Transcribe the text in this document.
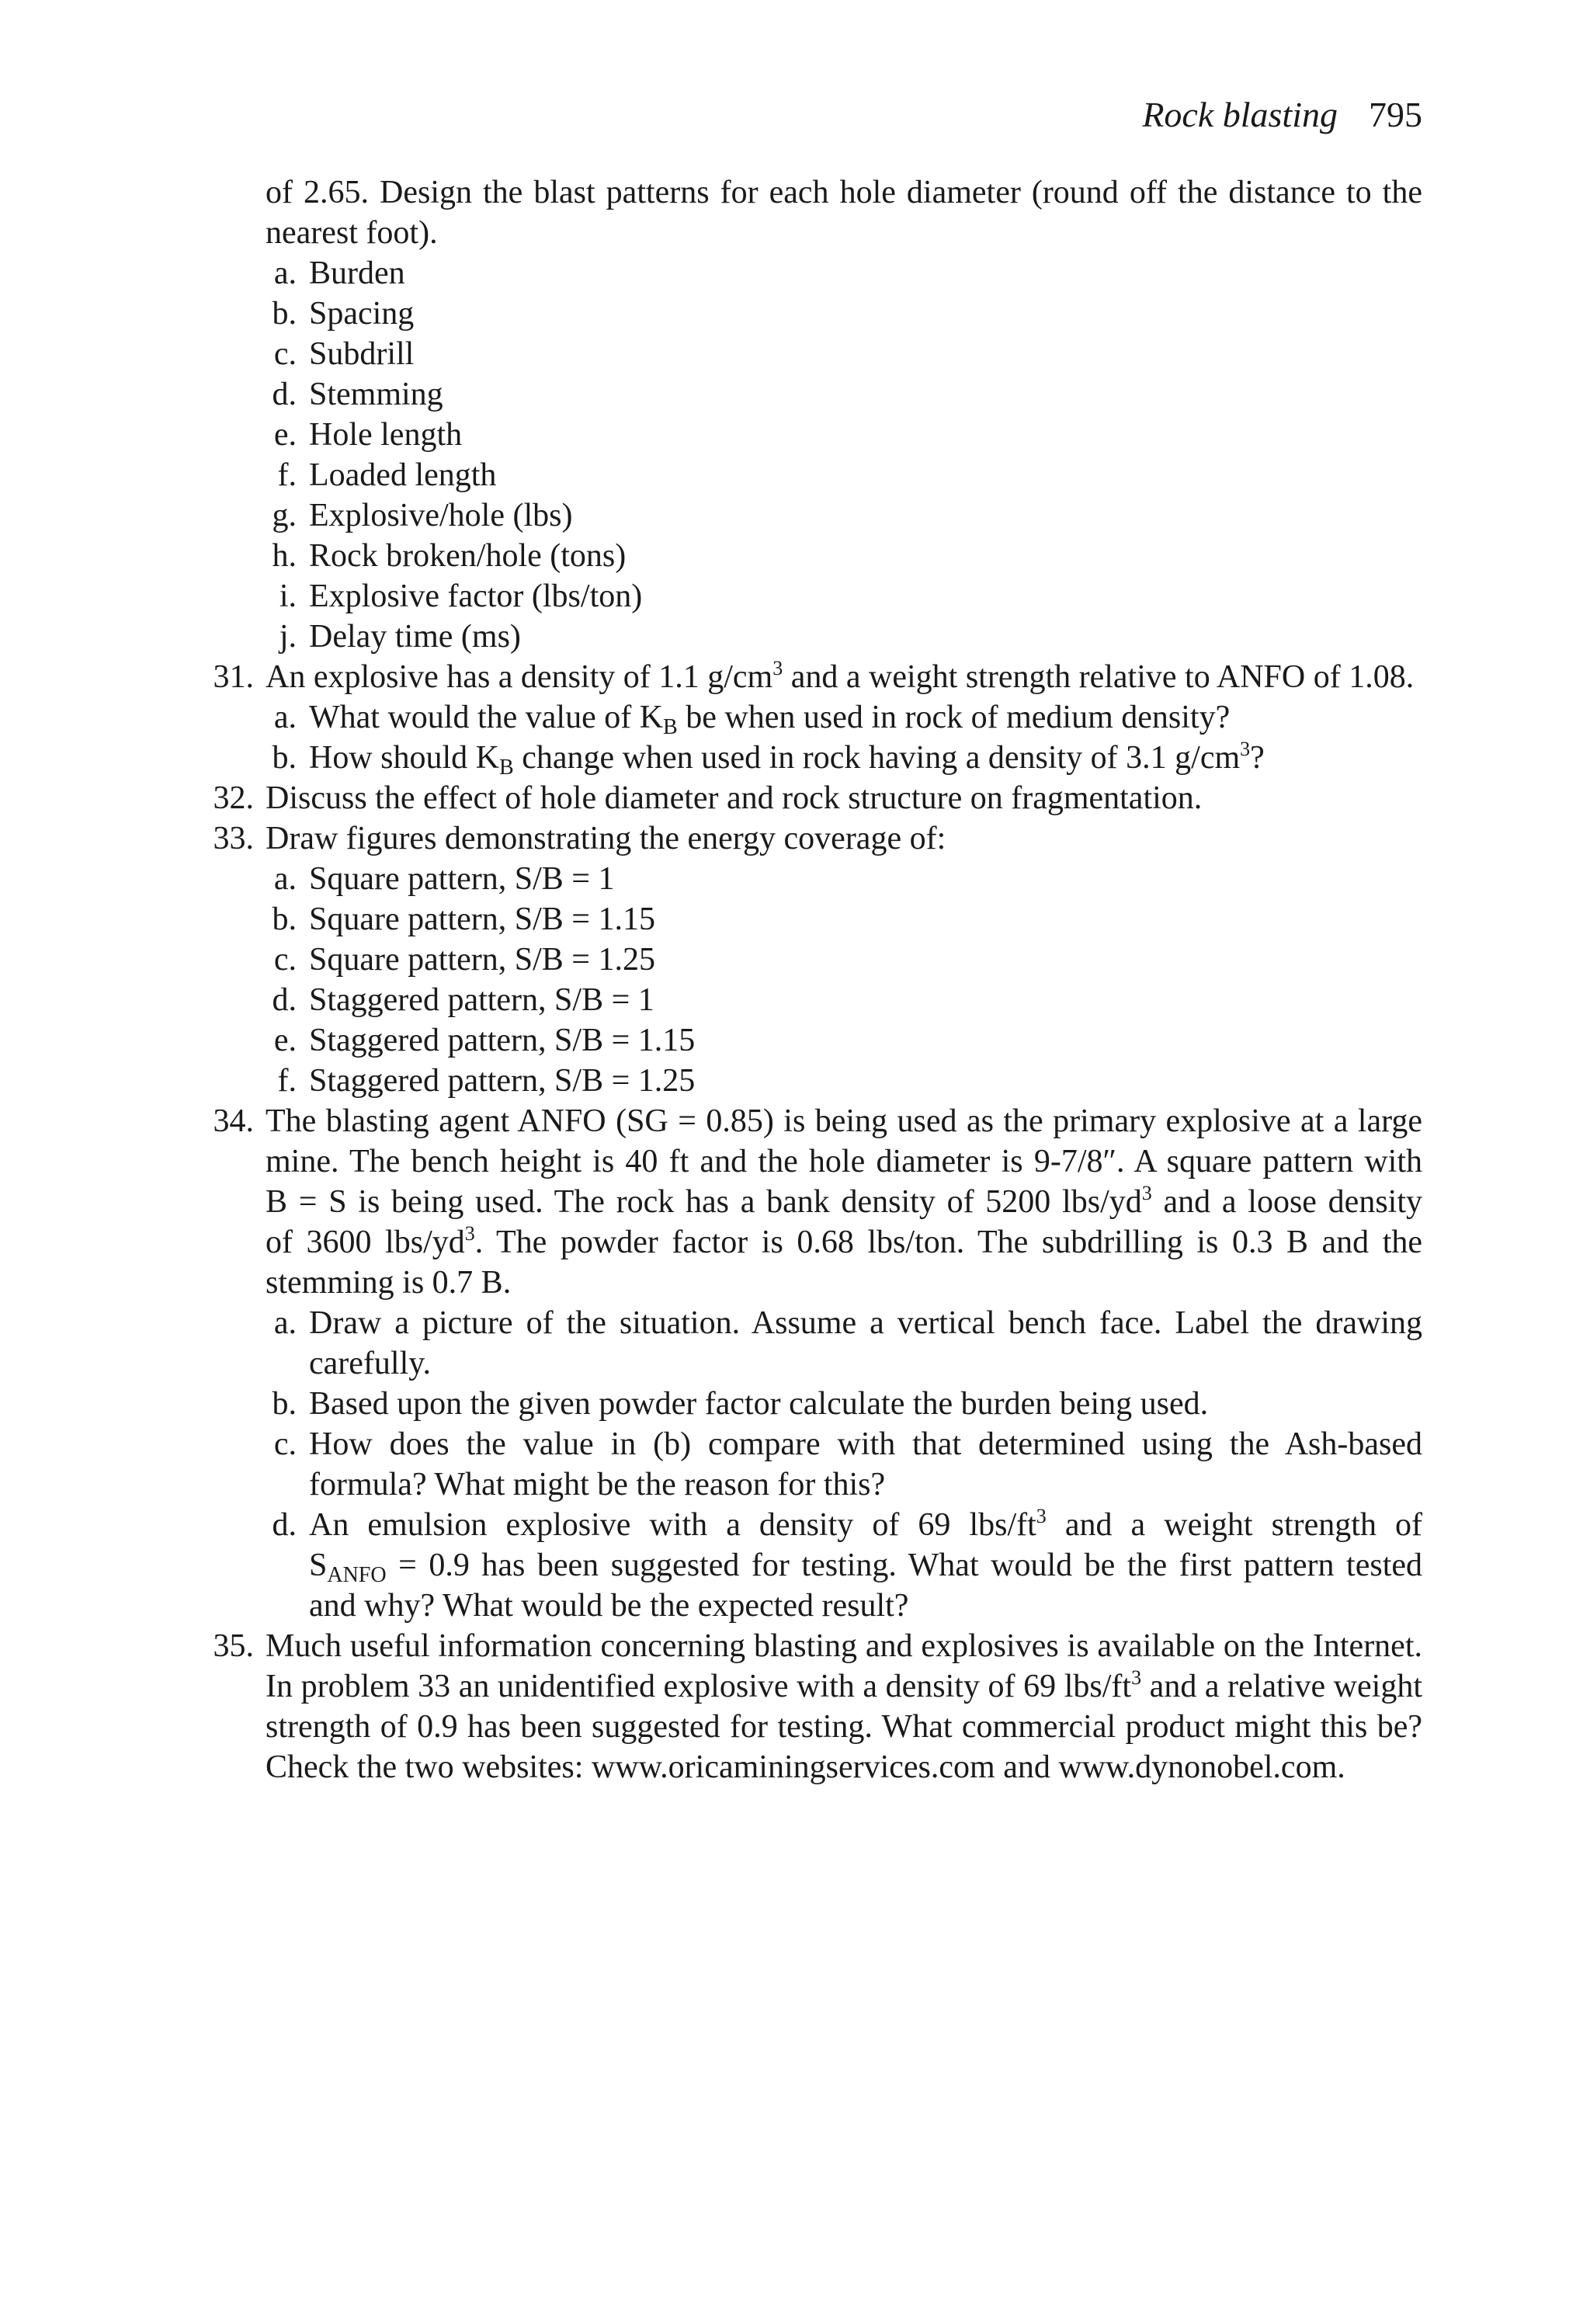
Rock blasting 795
of 2.65. Design the blast patterns for each hole diameter (round off the distance to the
nearest foot).
a. Burden
b. Spacing
c. Subdrill
d. Stemming
e. Hole length
f. Loaded length
g. Explosive/hole (lbs)
h. Rock broken/hole (tons)
i. Explosive factor (lbs/ton)
j. Delay time (ms)
31. An explosive has a density of 1.1 $g/cm^3$ and a weight strength relative to ANFO of 1.08.
a. What would the value of $K_B$ be when used in rock of medium density?
b. How should $K_B$ change when used in rock having a density of 3.1 $g/cm^3$?
32. Discuss the effect of hole diameter and rock structure on fragmentation.
33. Draw figures demonstrating the energy coverage of:
a. Square pattern, S/B = 1
b. Square pattern, S/B = 1.15
c. Square pattern, S/B = 1.25
d. Staggered pattern, S/B = 1
e. Staggered pattern, S/B = 1.15
f. Staggered pattern, S/B = 1.25
34. The blasting agent ANFO (SG = 0.85) is being used as the primary explosive at a large
mine. The bench height is 40 ft and the hole diameter is 9-7/8″. A square pattern with
B = S is being used. The rock has a bank density of 5200 lbs/$yd^3$ and a loose density
of 3600 lbs/$yd^3$. The powder factor is 0.68 lbs/ton. The subdrilling is 0.3 B and the
stemming is 0.7 B.
a. Draw a picture of the situation. Assume a vertical bench face. Label the drawing
carefully.
b. Based upon the given powder factor calculate the burden being used.
c. How does the value in (b) compare with that determined using the Ash-based
formula? What might be the reason for this?
d. An emulsion explosive with a density of 69 lbs/$ft^3$ and a weight strength of
$S_{ANFO} = 0.9$ has been suggested for testing. What would be the first pattern tested
and why? What would be the expected result?
35. Much useful information concerning blasting and explosives is available on the Internet.
In problem 33 an unidentified explosive with a density of 69 lbs/$ft^3$ and a relative weight
strength of 0.9 has been suggested for testing. What commercial product might this be?
Check the two websites: www.oricaminingservices.com and www.dynonobel.com.
